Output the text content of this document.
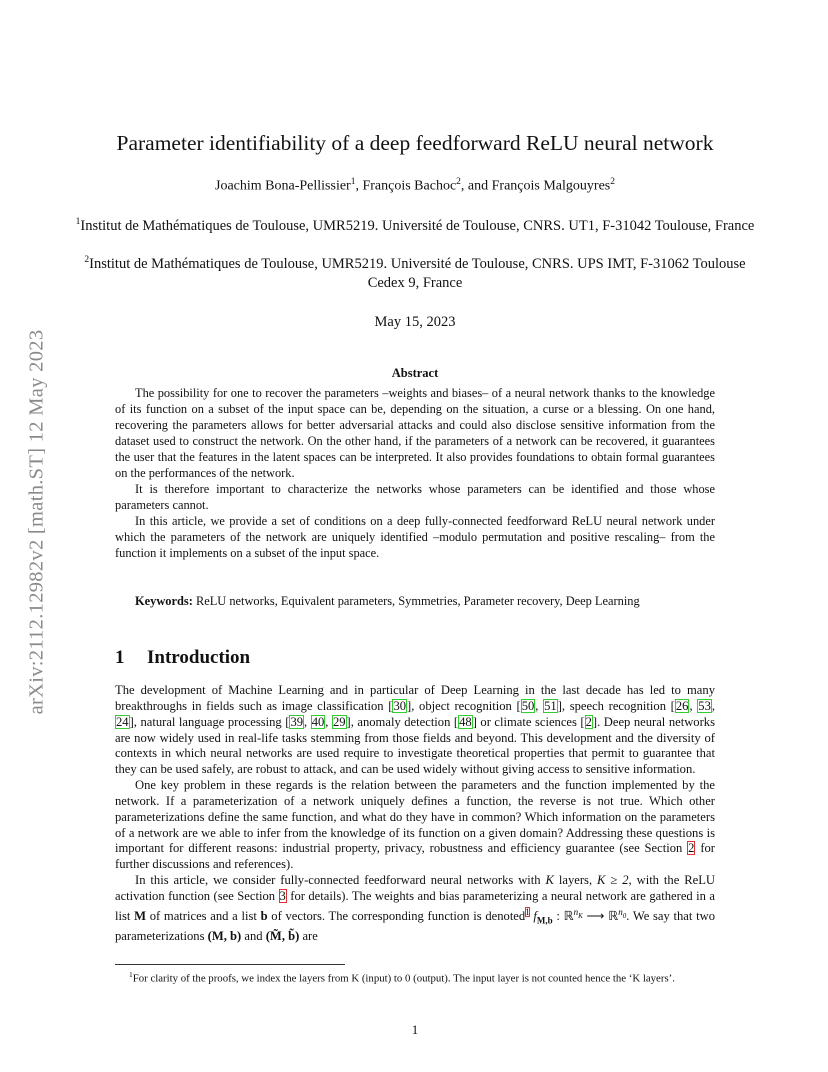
arXiv:2112.12982v2 [math.ST] 12 May 2023
Parameter identifiability of a deep feedforward ReLU neural network
Joachim Bona-Pellissier$^1$, François Bachoc$^2$, and François Malgouyres$^2$
$^1$Institut de Mathématiques de Toulouse, UMR5219. Université de Toulouse, CNRS. UT1, F-31042 Toulouse, France
$^2$Institut de Mathématiques de Toulouse, UMR5219. Université de Toulouse, CNRS. UPS IMT, F-31062 Toulouse Cedex 9, France
May 15, 2023
Abstract

The possibility for one to recover the parameters –weights and biases– of a neural network thanks to the knowledge of its function on a subset of the input space can be, depending on the situation, a curse or a blessing. On one hand, recovering the parameters allows for better adversarial attacks and could also disclose sensitive information from the dataset used to construct the network. On the other hand, if the parameters of a network can be recovered, it guarantees the user that the features in the latent spaces can be interpreted. It also provides foundations to obtain formal guarantees on the performances of the network.

It is therefore important to characterize the networks whose parameters can be identified and those whose parameters cannot.

In this article, we provide a set of conditions on a deep fully-connected feedforward ReLU neural network under which the parameters of the network are uniquely identified –modulo permutation and positive rescaling– from the function it implements on a subset of the input space.

Keywords: ReLU networks, Equivalent parameters, Symmetries, Parameter recovery, Deep Learning
1 Introduction

The development of Machine Learning and in particular of Deep Learning in the last decade has led to many breakthroughs in fields such as image classification [30], object recognition [50, 51], speech recognition [26, 53, 24], natural language processing [39, 40, 29], anomaly detection [48] or climate sciences [2]. Deep neural networks are now widely used in real-life tasks stemming from those fields and beyond. This development and the diversity of contexts in which neural networks are used require to investigate theoretical properties that permit to guarantee that they can be used safely, are robust to attack, and can be used widely without giving access to sensitive information.

One key problem in these regards is the relation between the parameters and the function implemented by the network. If a parameterization of a network uniquely defines a function, the reverse is not true. Which other parameterizations define the same function, and what do they have in common? Which information on the parameters of a network are we able to infer from the knowledge of its function on a given domain? Addressing these questions is important for different reasons: industrial property, privacy, robustness and efficiency guarantee (see Section 2 for further discussions and references).

In this article, we consider fully-connected feedforward neural networks with K layers, K ≥ 2, with the ReLU activation function (see Section 3 for details). The weights and bias parameterizing a neural network are gathered in a list M of matrices and a list b of vectors. The corresponding function is denoted$^1$ $f_{M,b}$ : ℝ$^{n_K}$ ⟶ ℝ$^{n_0}$. We say that two parameterizations (M, b) and (M̃, b̃) are

$^1$For clarity of the proofs, we index the layers from K (input) to 0 (output). The input layer is not counted hence the ‘K layers’.
1
